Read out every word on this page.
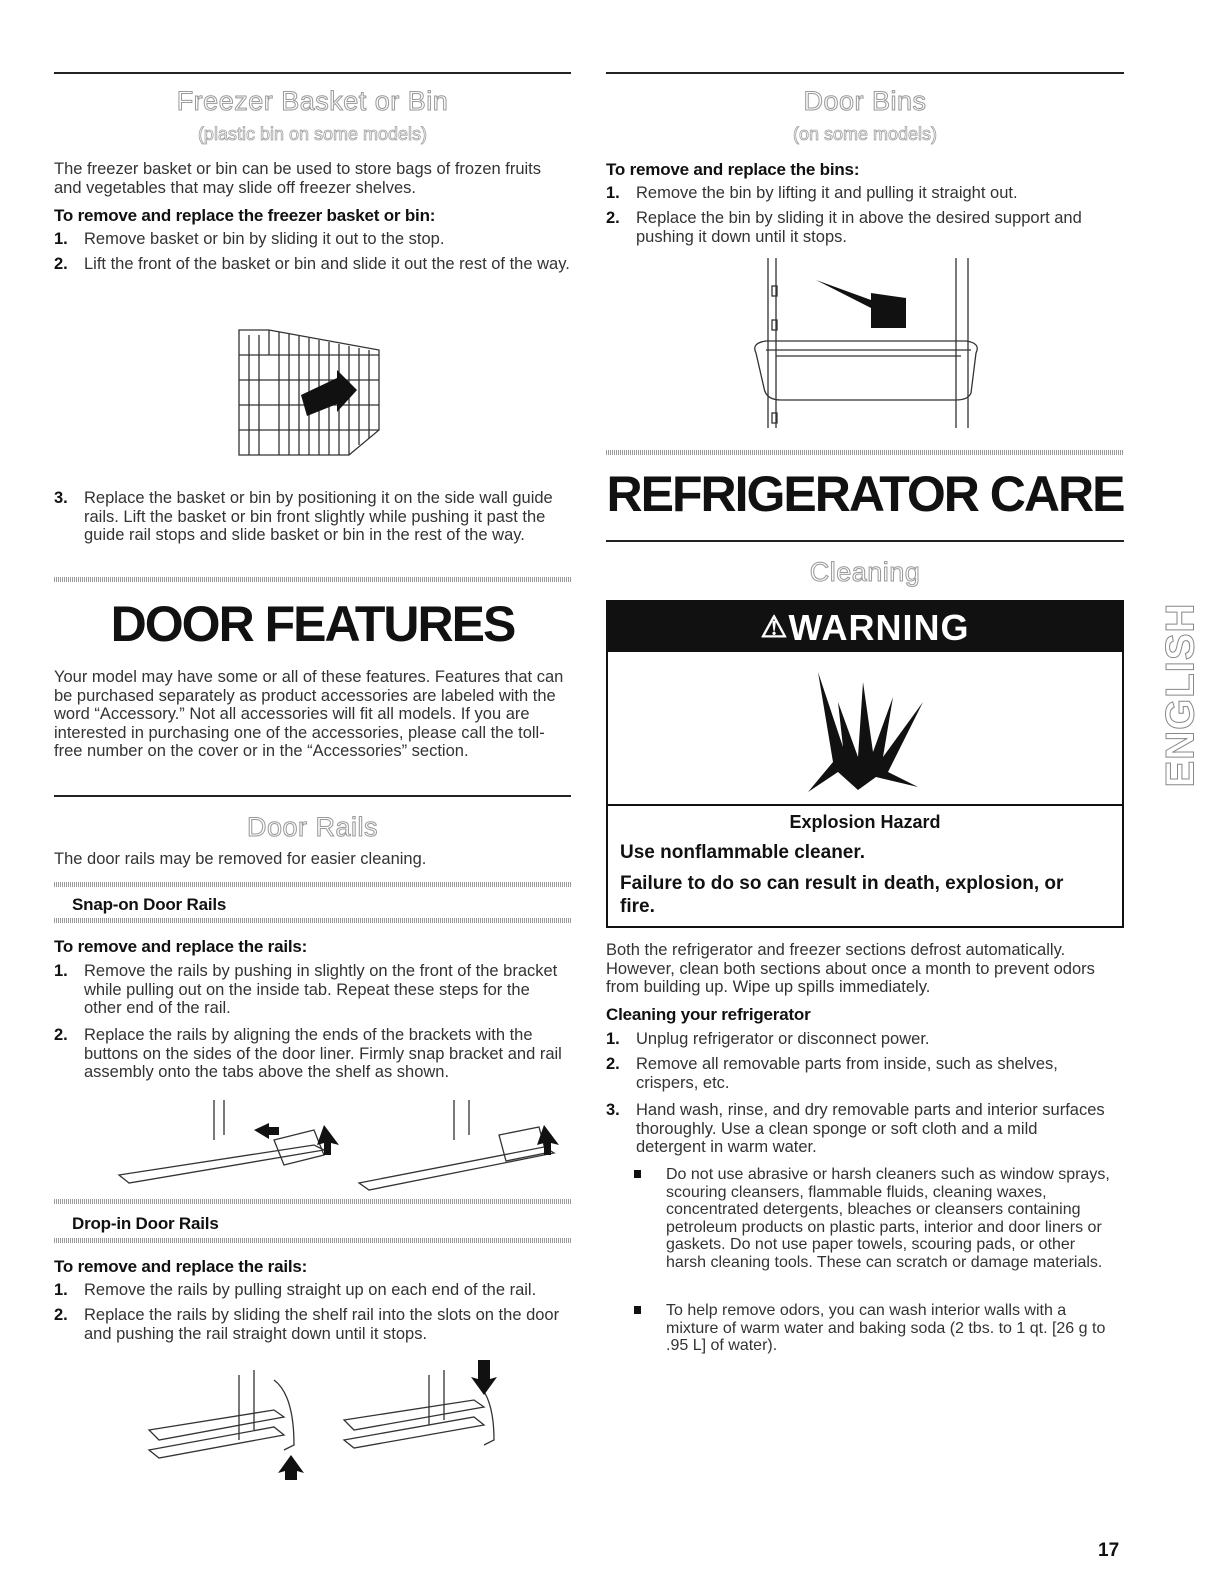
Freezer Basket or Bin
(plastic bin on some models)
The freezer basket or bin can be used to store bags of frozen fruits and vegetables that may slide off freezer shelves.
To remove and replace the freezer basket or bin:
1. Remove basket or bin by sliding it out to the stop.
2. Lift the front of the basket or bin and slide it out the rest of the way.
3. Replace the basket or bin by positioning it on the side wall guide rails. Lift the basket or bin front slightly while pushing it past the guide rail stops and slide basket or bin in the rest of the way.
DOOR FEATURES
Your model may have some or all of these features. Features that can be purchased separately as product accessories are labeled with the word “Accessory.” Not all accessories will fit all models. If you are interested in purchasing one of the accessories, please call the toll-free number on the cover or in the “Accessories” section.
Door Rails
The door rails may be removed for easier cleaning.
Snap-on Door Rails
To remove and replace the rails:
1. Remove the rails by pushing in slightly on the front of the bracket while pulling out on the inside tab. Repeat these steps for the other end of the rail.
2. Replace the rails by aligning the ends of the brackets with the buttons on the sides of the door liner. Firmly snap bracket and rail assembly onto the tabs above the shelf as shown.
Drop-in Door Rails
To remove and replace the rails:
1. Remove the rails by pulling straight up on each end of the rail.
2. Replace the rails by sliding the shelf rail into the slots on the door and pushing the rail straight down until it stops.
Door Bins
(on some models)
To remove and replace the bins:
1. Remove the bin by lifting it and pulling it straight out.
2. Replace the bin by sliding it in above the desired support and pushing it down until it stops.
REFRIGERATOR CARE
Cleaning
⚠WARNING
Explosion Hazard
Use nonflammable cleaner.
Failure to do so can result in death, explosion, or fire.
Both the refrigerator and freezer sections defrost automatically. However, clean both sections about once a month to prevent odors from building up. Wipe up spills immediately.
Cleaning your refrigerator
1. Unplug refrigerator or disconnect power.
2. Remove all removable parts from inside, such as shelves, crispers, etc.
3. Hand wash, rinse, and dry removable parts and interior surfaces thoroughly. Use a clean sponge or soft cloth and a mild detergent in warm water.
Do not use abrasive or harsh cleaners such as window sprays, scouring cleansers, flammable fluids, cleaning waxes, concentrated detergents, bleaches or cleansers containing petroleum products on plastic parts, interior and door liners or gaskets. Do not use paper towels, scouring pads, or other harsh cleaning tools. These can scratch or damage materials.
To help remove odors, you can wash interior walls with a mixture of warm water and baking soda (2 tbs. to 1 qt. [26 g to .95 L] of water).
ENGLISH
17
